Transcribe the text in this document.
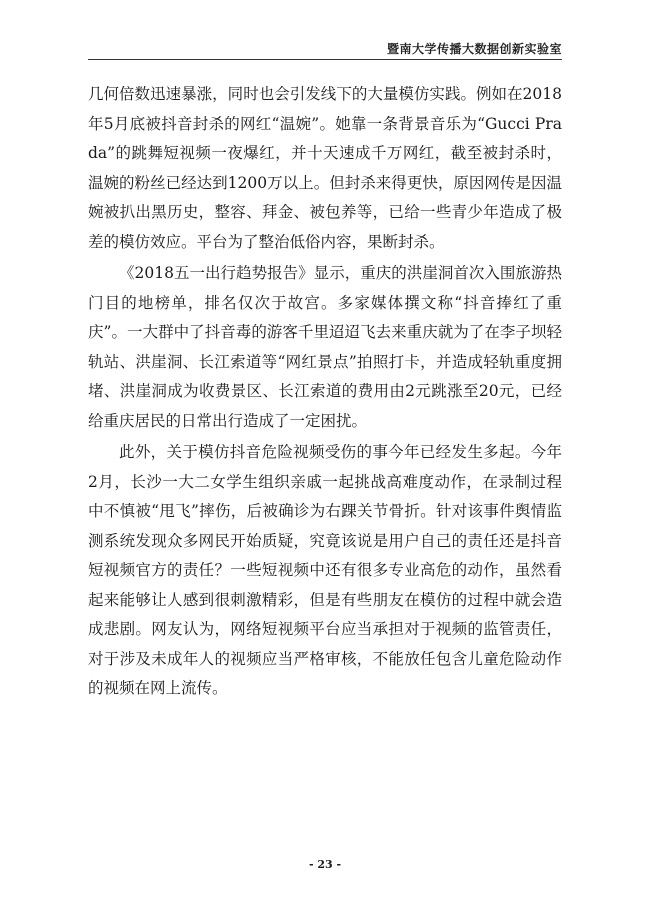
暨南大学传播大数据创新实验室

几何倍数迅速暴涨，同时也会引发线下的大量模仿实践。例如在2018年5月底被抖音封杀的网红“温婉”。她靠一条背景音乐为“Gucci Prada”的跳舞短视频一夜爆红，并十天速成千万网红，截至被封杀时，温婉的粉丝已经达到1200万以上。但封杀来得更快，原因网传是因温婉被扒出黑历史，整容、拜金、被包养等，已给一些青少年造成了极差的模仿效应。平台为了整治低俗内容，果断封杀。

《2018五一出行趋势报告》显示，重庆的洪崖洞首次入围旅游热门目的地榜单，排名仅次于故宫。多家媒体撰文称“抖音捧红了重庆”。一大群中了抖音毒的游客千里迢迢飞去来重庆就为了在李子坝轻轨站、洪崖洞、长江索道等“网红景点”拍照打卡，并造成轻轨重度拥堵、洪崖洞成为收费景区、长江索道的费用由2元跳涨至20元，已经给重庆居民的日常出行造成了一定困扰。

此外，关于模仿抖音危险视频受伤的事今年已经发生多起。今年2月，长沙一大二女学生组织亲戚一起挑战高难度动作，在录制过程中不慎被“甩飞”摔伤，后被确诊为右踝关节骨折。针对该事件舆情监测系统发现众多网民开始质疑，究竟该说是用户自己的责任还是抖音短视频官方的责任？一些短视频中还有很多专业高危的动作，虽然看起来能够让人感到很刺激精彩，但是有些朋友在模仿的过程中就会造成悲剧。网友认为，网络短视频平台应当承担对于视频的监管责任，对于涉及未成年人的视频应当严格审核，不能放任包含儿童危险动作的视频在网上流传。

- 23 -
